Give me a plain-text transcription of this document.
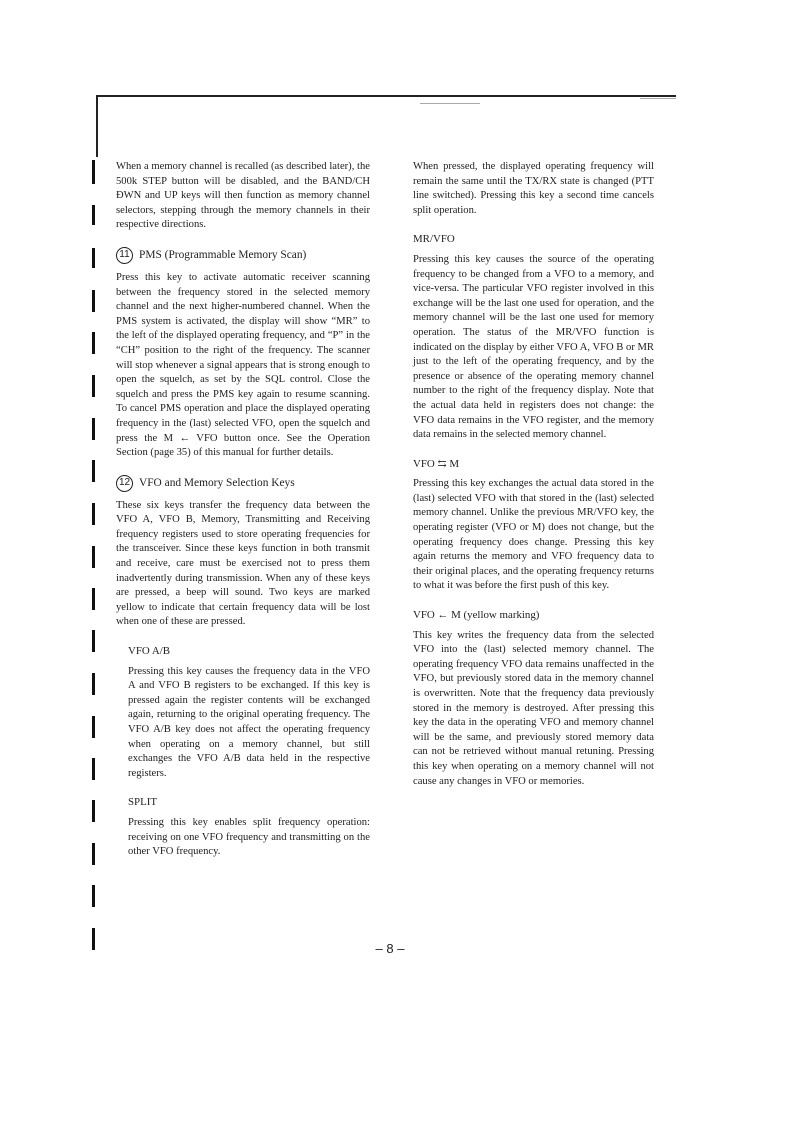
When a memory channel is recalled (as described later), the 500k STEP button will be disabled, and the BAND/CH ÐWN and UP keys will then function as memory channel selectors, stepping through the memory channels in their respective directions.

11 PMS (Programmable Memory Scan)

Press this key to activate automatic receiver scanning between the frequency stored in the selected memory channel and the next higher-numbered channel. When the PMS system is activated, the display will show “MR” to the left of the displayed operating frequency, and “P” in the “CH” position to the right of the frequency. The scanner will stop whenever a signal appears that is strong enough to open the squelch, as set by the SQL control. Close the squelch and press the PMS key again to resume scanning. To cancel PMS operation and place the displayed operating frequency in the (last) selected VFO, open the squelch and press the M ← VFO button once. See the Operation Section (page 35) of this manual for further details.

12 VFO and Memory Selection Keys

These six keys transfer the frequency data between the VFO A, VFO B, Memory, Transmitting and Receiving frequency registers used to store operating frequencies for the transceiver. Since these keys function in both transmit and receive, care must be exercised not to press them inadvertently during transmission. When any of these keys are pressed, a beep will sound. Two keys are marked yellow to indicate that certain frequency data will be lost when one of these are pressed.

VFO A/B

Pressing this key causes the frequency data in the VFO A and VFO B registers to be exchanged. If this key is pressed again the register contents will be exchanged again, returning to the original operating frequency. The VFO A/B key does not affect the operating frequency when operating on a memory channel, but still exchanges the VFO A/B data held in the respective registers.

SPLIT

Pressing this key enables split frequency operation: receiving on one VFO frequency and transmitting on the other VFO frequency.

When pressed, the displayed operating frequency will remain the same until the TX/RX state is changed (PTT line switched). Pressing this key a second time cancels split operation.

MR/VFO

Pressing this key causes the source of the operating frequency to be changed from a VFO to a memory, and vice-versa. The particular VFO register involved in this exchange will be the last one used for operation, and the memory channel will be the last one used for memory operation. The status of the MR/VFO function is indicated on the display by either VFO A, VFO B or MR just to the left of the operating frequency, and by the presence or absence of the operating memory channel number to the right of the frequency display. Note that the actual data held in registers does not change: the VFO data remains in the VFO register, and the memory data remains in the selected memory channel.

VFO ⇆ M

Pressing this key exchanges the actual data stored in the (last) selected VFO with that stored in the (last) selected memory channel. Unlike the previous MR/VFO key, the operating register (VFO or M) does not change, but the operating frequency does change. Pressing this key again returns the memory and VFO frequency data to their original places, and the operating frequency returns to what it was before the first push of this key.

VFO ← M (yellow marking)

This key writes the frequency data from the selected VFO into the (last) selected memory channel. The operating frequency VFO data remains unaffected in the VFO, but previously stored data in the memory channel is overwritten. Note that the frequency data previously stored in the memory is destroyed. After pressing this key the data in the operating VFO and memory channel will be the same, and previously stored memory data can not be retrieved without manual retuning. Pressing this key when operating on a memory channel will not cause any changes in VFO or memories.

– 8 –
